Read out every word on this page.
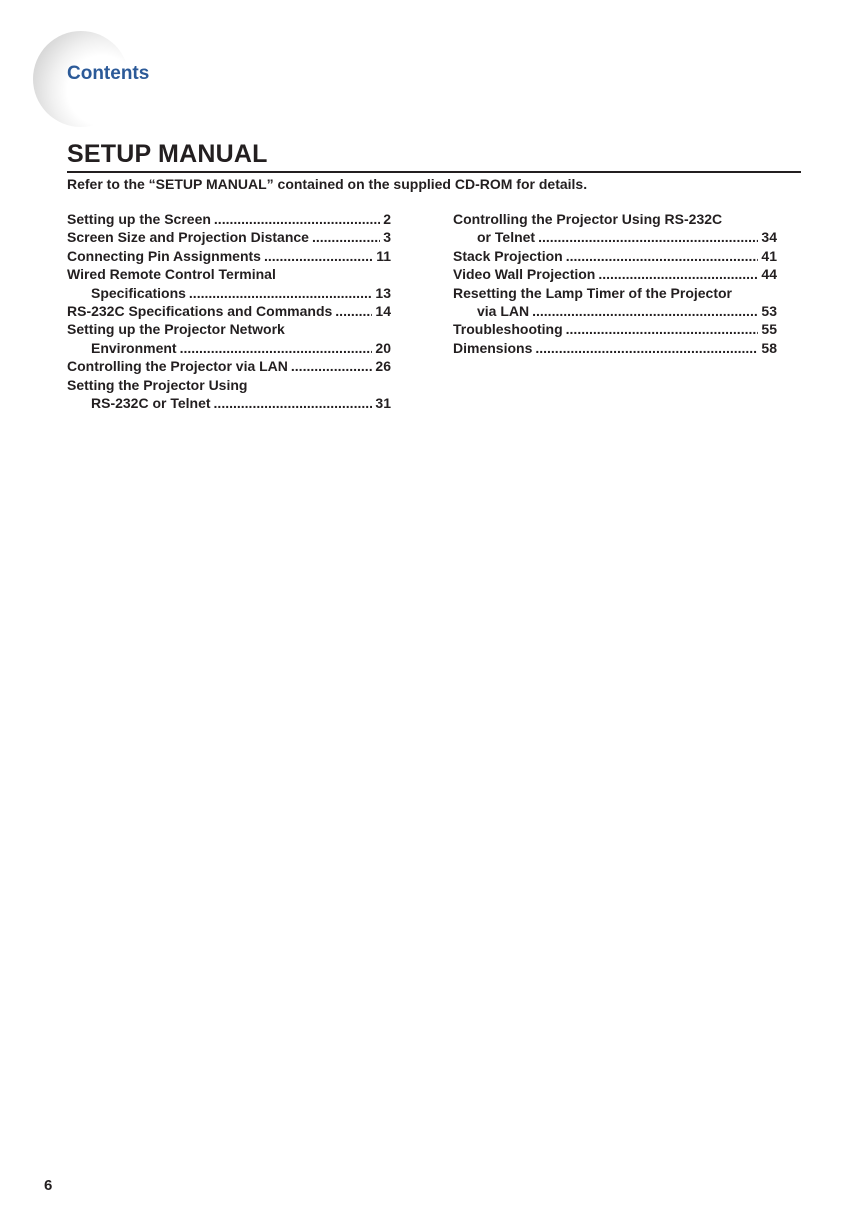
Contents
SETUP MANUAL
Refer to the “SETUP MANUAL” contained on the supplied CD-ROM for details.
Setting up the Screen .....	2
Screen Size and Projection Distance .....	3
Connecting Pin Assignments .....	11
Wired Remote Control Terminal
Specifications .....	13
RS-232C Specifications and Commands .....	14
Setting up the Projector Network
Environment .....	20
Controlling the Projector via LAN .....	26
Setting the Projector Using
RS-232C or Telnet .....	31
Controlling the Projector Using RS-232C
or Telnet .....	34
Stack Projection .....	41
Video Wall Projection .....	44
Resetting the Lamp Timer of the Projector
via LAN .....	53
Troubleshooting .....	55
Dimensions .....	58
6
